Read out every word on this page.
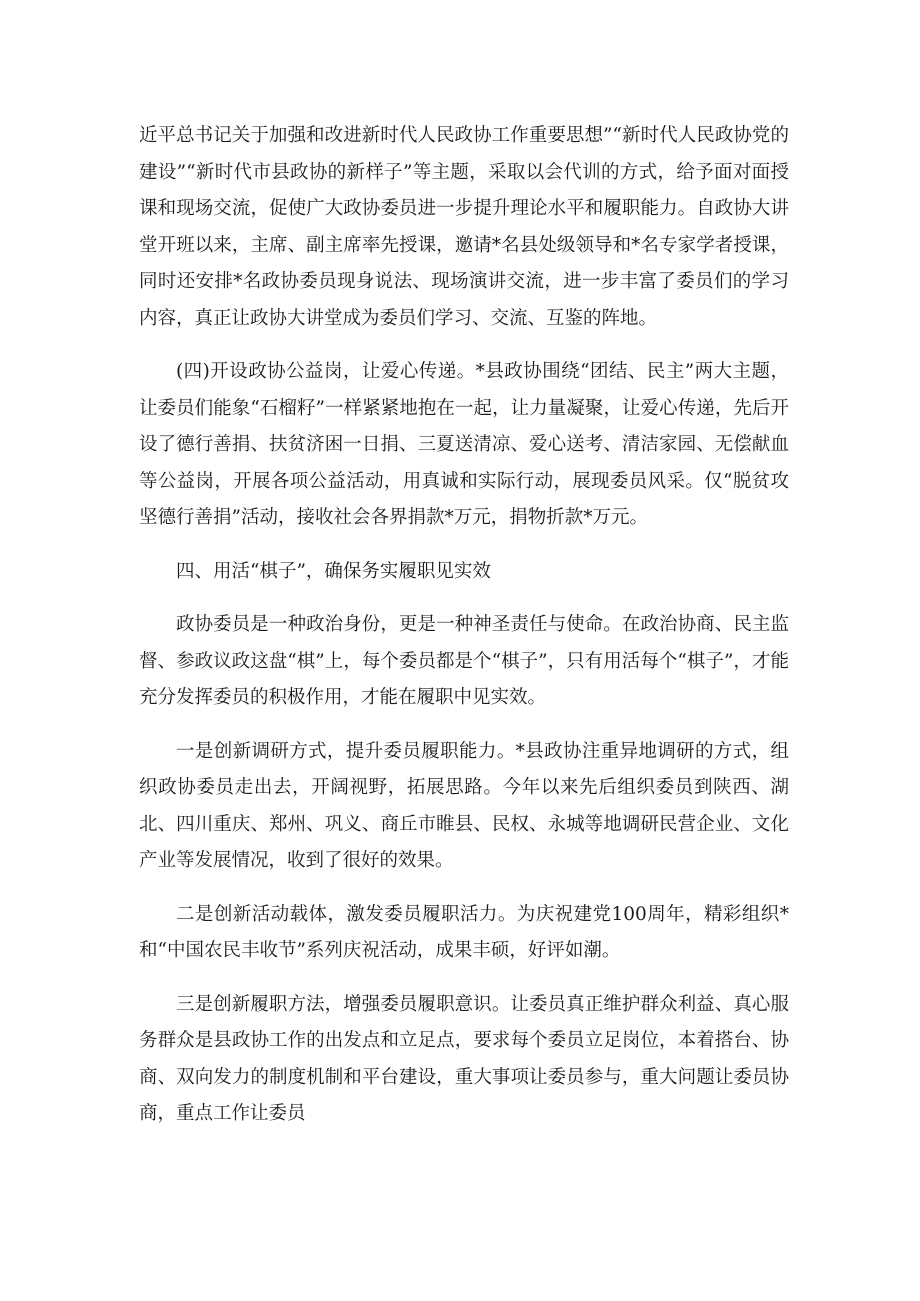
近平总书记关于加强和改进新时代人民政协工作重要思想”“新时代人民政协党的建设”“新时代市县政协的新样子”等主题，采取以会代训的方式，给予面对面授课和现场交流，促使广大政协委员进一步提升理论水平和履职能力。自政协大讲堂开班以来，主席、副主席率先授课，邀请*名县处级领导和*名专家学者授课，同时还安排*名政协委员现身说法、现场演讲交流，进一步丰富了委员们的学习内容，真正让政协大讲堂成为委员们学习、交流、互鉴的阵地。

(四)开设政协公益岗，让爱心传递。*县政协围绕“团结、民主”两大主题，让委员们能象“石榴籽”一样紧紧地抱在一起，让力量凝聚，让爱心传递，先后开设了德行善捐、扶贫济困一日捐、三夏送清凉、爱心送考、清洁家园、无偿献血等公益岗，开展各项公益活动，用真诚和实际行动，展现委员风采。仅“脱贫攻坚德行善捐”活动，接收社会各界捐款*万元，捐物折款*万元。

四、用活“棋子”，确保务实履职见实效

政协委员是一种政治身份，更是一种神圣责任与使命。在政治协商、民主监督、参政议政这盘“棋”上，每个委员都是个“棋子”，只有用活每个“棋子”，才能充分发挥委员的积极作用，才能在履职中见实效。

一是创新调研方式，提升委员履职能力。*县政协注重异地调研的方式，组织政协委员走出去，开阔视野，拓展思路。今年以来先后组织委员到陕西、湖北、四川重庆、郑州、巩义、商丘市睢县、民权、永城等地调研民营企业、文化产业等发展情况，收到了很好的效果。

二是创新活动载体，激发委员履职活力。为庆祝建党100周年，精彩组织*和“中国农民丰收节”系列庆祝活动，成果丰硕，好评如潮。

三是创新履职方法，增强委员履职意识。让委员真正维护群众利益、真心服务群众是县政协工作的出发点和立足点，要求每个委员立足岗位，本着搭台、协商、双向发力的制度机制和平台建设，重大事项让委员参与，重大问题让委员协商，重点工作让委员
